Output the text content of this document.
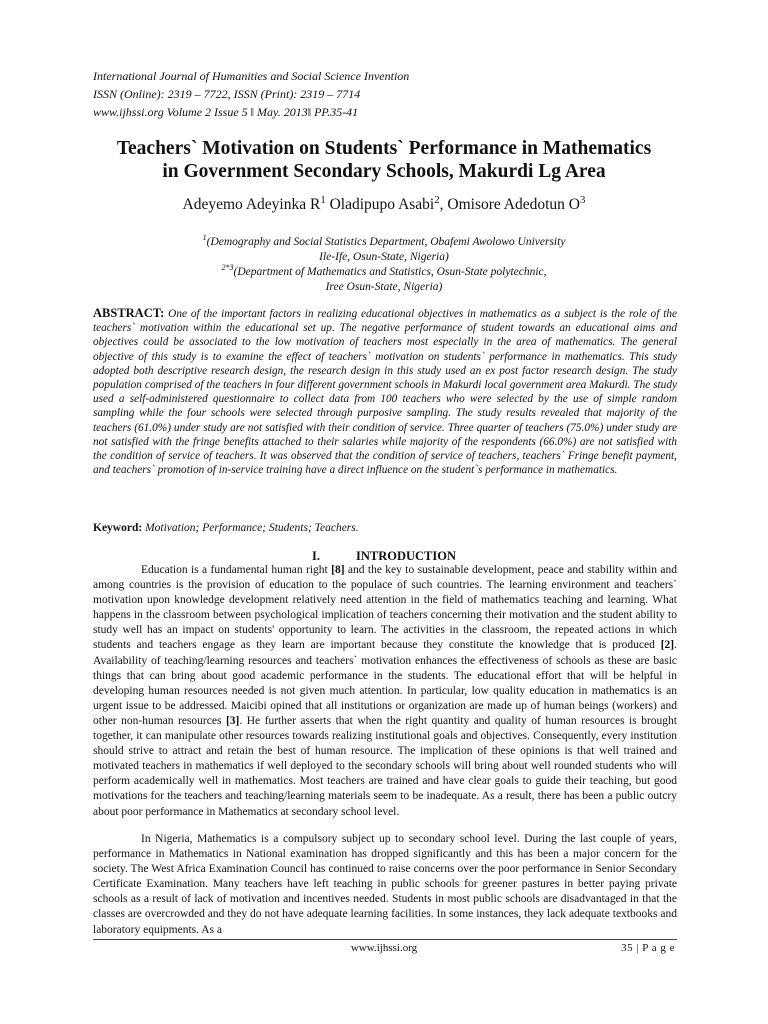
International Journal of Humanities and Social Science Invention
ISSN (Online): 2319 – 7722, ISSN (Print): 2319 – 7714
www.ijhssi.org Volume 2 Issue 5 ǁ May. 2013ǁ PP.35-41
Teachers` Motivation on Students` Performance in Mathematics
in Government Secondary Schools, Makurdi Lg Area
Adeyemo Adeyinka $R^1$ Oladipupo Asabi$^2$, Omisore Adedotun $O^3$
$^1$(Demography and Social Statistics Department, Obafemi Awolowo University
Ile-Ife, Osun-State, Nigeria)
$^{2*3}$(Department of Mathematics and Statistics, Osun-State polytechnic,
Iree Osun-State, Nigeria)
ABSTRACT: One of the important factors in realizing educational objectives in mathematics as a subject is the role of the teachers` motivation within the educational set up. The negative performance of student towards an educational aims and objectives could be associated to the low motivation of teachers most especially in the area of mathematics. The general objective of this study is to examine the effect of teachers` motivation on students` performance in mathematics. This study adopted both descriptive research design, the research design in this study used an ex post factor research design. The study population comprised of the teachers in four different government schools in Makurdi local government area Makurdi. The study used a self-administered questionnaire to collect data from 100 teachers who were selected by the use of simple random sampling while the four schools were selected through purposive sampling. The study results revealed that majority of the teachers (61.0%) under study are not satisfied with their condition of service. Three quarter of teachers (75.0%) under study are not satisfied with the fringe benefits attached to their salaries while majority of the respondents (66.0%) are not satisfied with the condition of service of teachers. It was observed that the condition of service of teachers, teachers` Fringe benefit payment, and teachers` promotion of in-service training have a direct influence on the student`s performance in mathematics.
Keyword: Motivation; Performance; Students; Teachers.
I.	INTRODUCTION
Education is a fundamental human right [8] and the key to sustainable development, peace and stability within and among countries is the provision of education to the populace of such countries. The learning environment and teachers` motivation upon knowledge development relatively need attention in the field of mathematics teaching and learning. What happens in the classroom between psychological implication of teachers concerning their motivation and the student ability to study well has an impact on students' opportunity to learn. The activities in the classroom, the repeated actions in which students and teachers engage as they learn are important because they constitute the knowledge that is produced [2]. Availability of teaching/learning resources and teachers` motivation enhances the effectiveness of schools as these are basic things that can bring about good academic performance in the students. The educational effort that will be helpful in developing human resources needed is not given much attention. In particular, low quality education in mathematics is an urgent issue to be addressed. Maicibi opined that all institutions or organization are made up of human beings (workers) and other non-human resources [3]. He further asserts that when the right quantity and quality of human resources is brought together, it can manipulate other resources towards realizing institutional goals and objectives. Consequently, every institution should strive to attract and retain the best of human resource. The implication of these opinions is that well trained and motivated teachers in mathematics if well deployed to the secondary schools will bring about well rounded students who will perform academically well in mathematics. Most teachers are trained and have clear goals to guide their teaching, but good motivations for the teachers and teaching/learning materials seem to be inadequate. As a result, there has been a public outcry about poor performance in Mathematics at secondary school level.
In Nigeria, Mathematics is a compulsory subject up to secondary school level. During the last couple of years, performance in Mathematics in National examination has dropped significantly and this has been a major concern for the society. The West Africa Examination Council has continued to raise concerns over the poor performance in Senior Secondary Certificate Examination. Many teachers have left teaching in public schools for greener pastures in better paying private schools as a result of lack of motivation and incentives needed. Students in most public schools are disadvantaged in that the classes are overcrowded and they do not have adequate learning facilities. In some instances, they lack adequate textbooks and laboratory equipments. As a
www.ijhssi.org	35 | P a g e
